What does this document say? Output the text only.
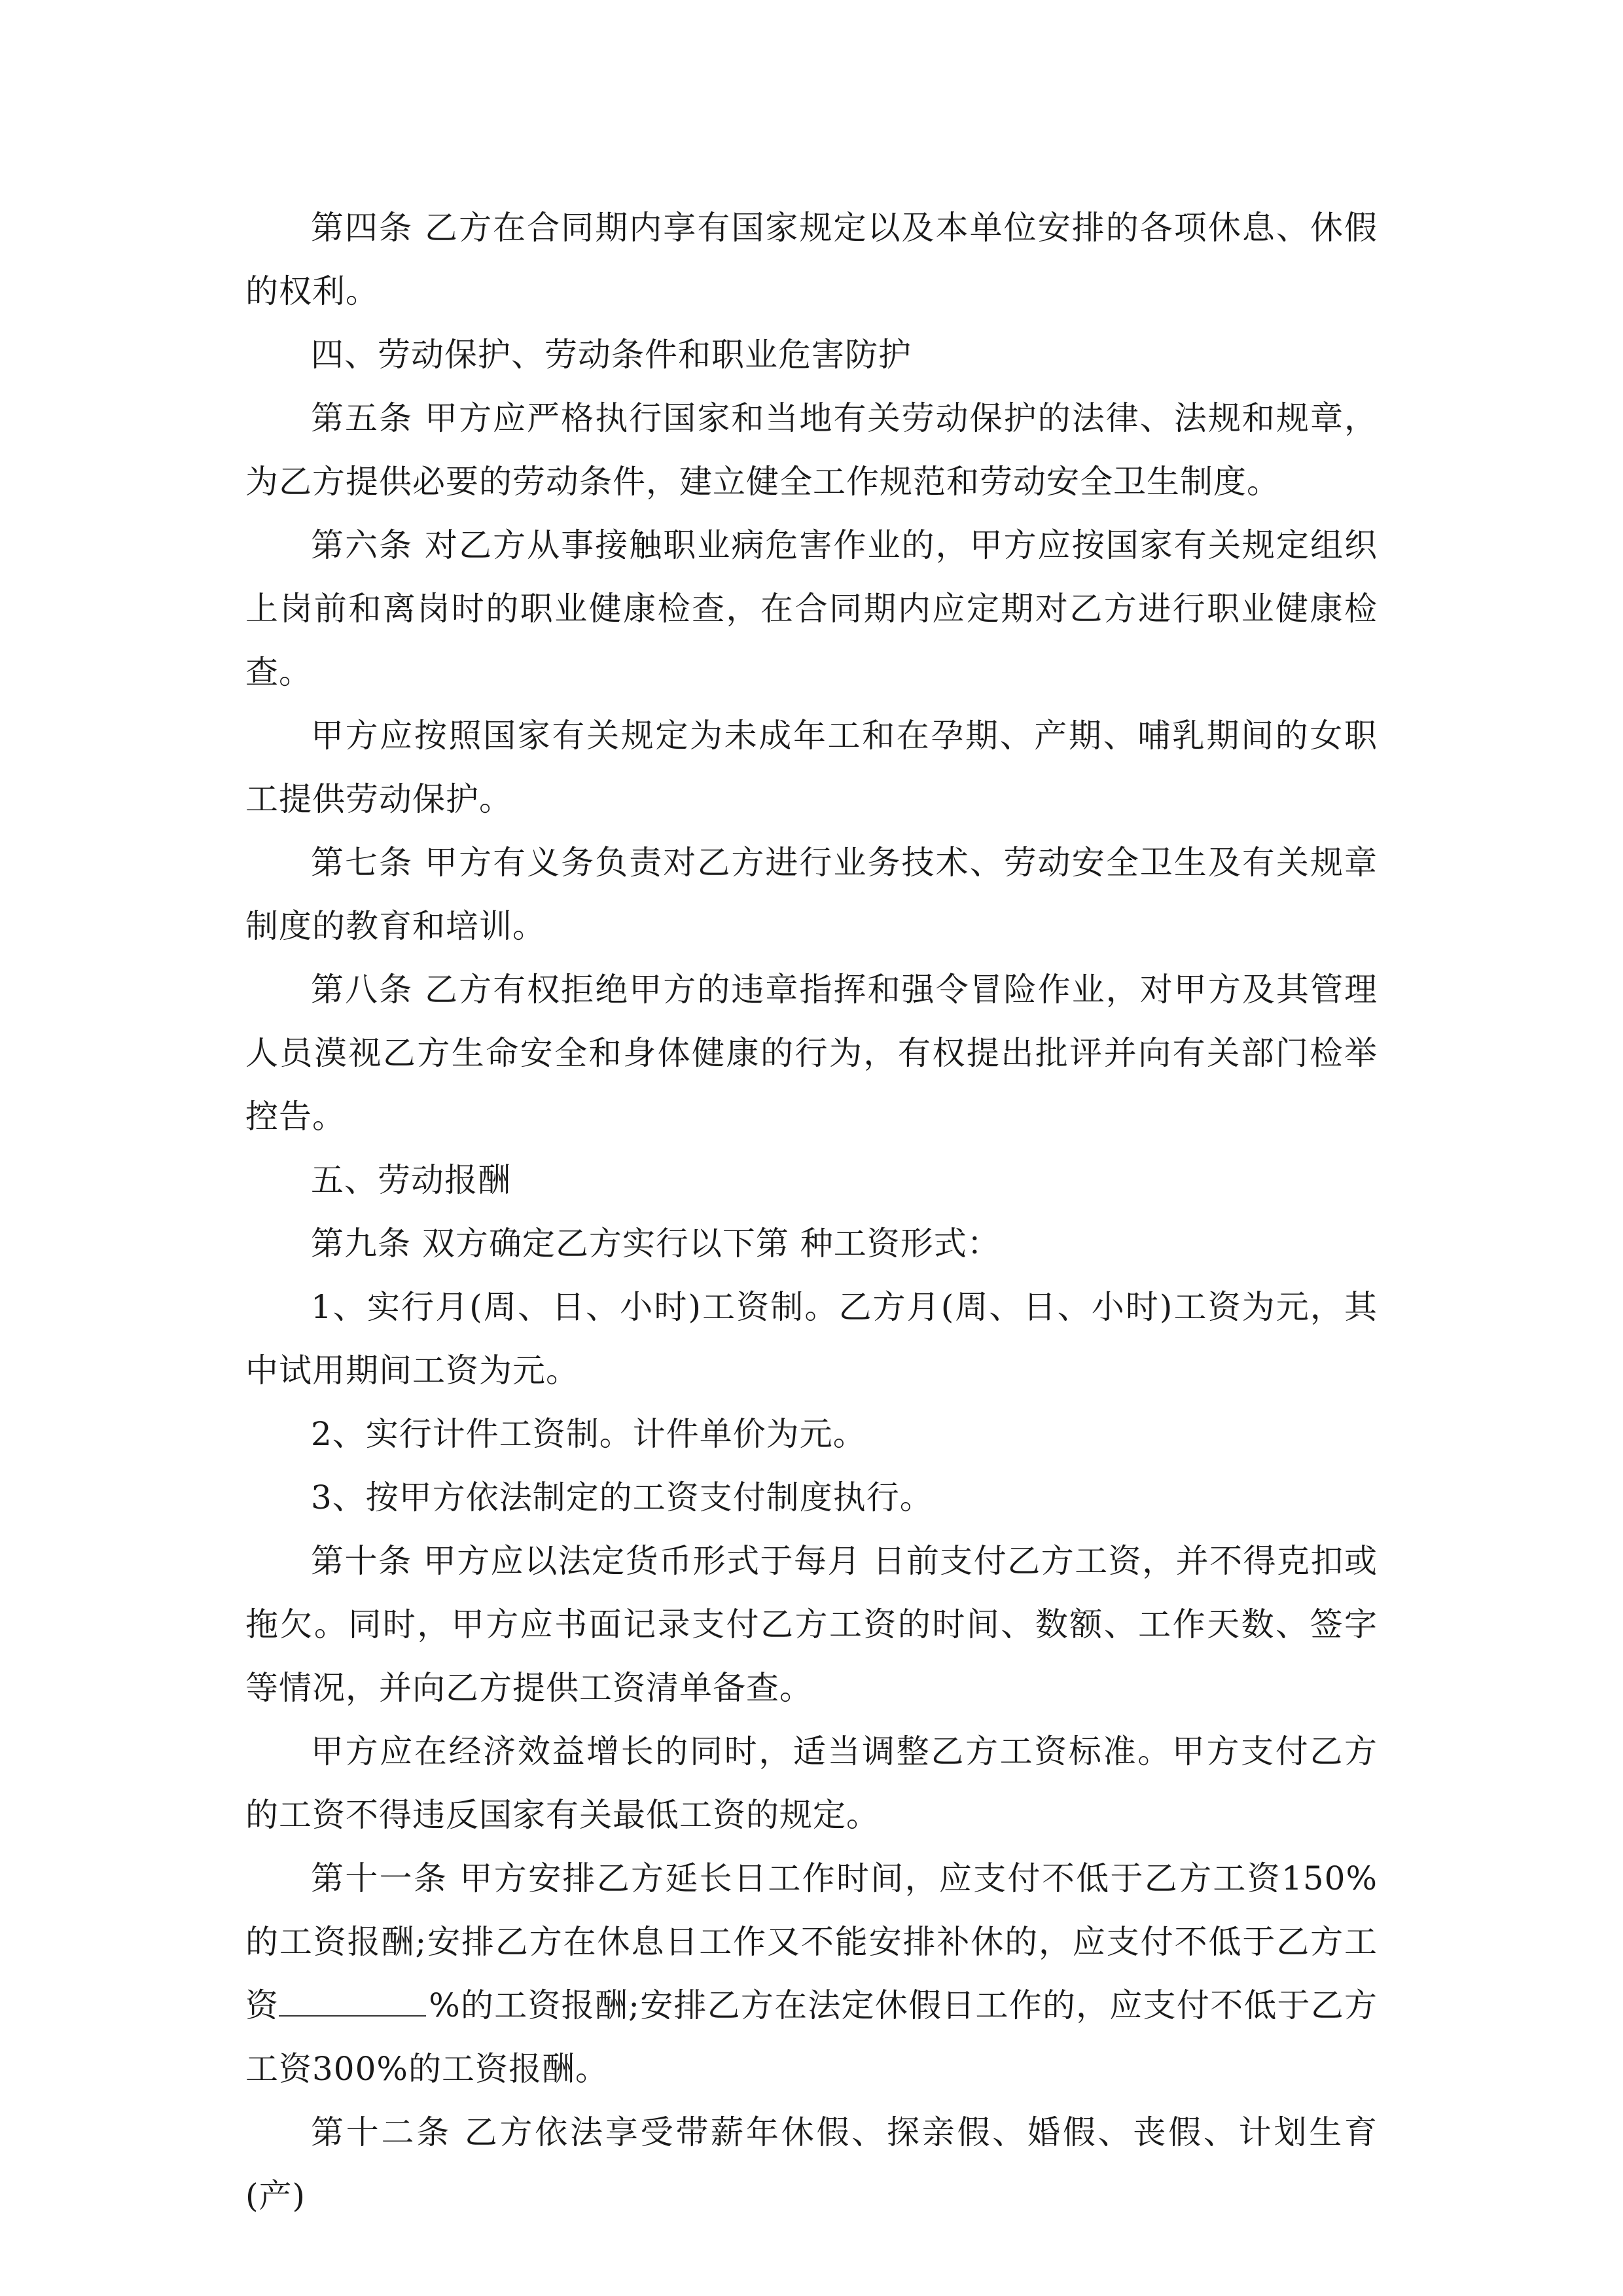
第四条 乙方在合同期内享有国家规定以及本单位安排的各项休息、休假的权利。

四、劳动保护、劳动条件和职业危害防护

第五条 甲方应严格执行国家和当地有关劳动保护的法律、法规和规章，为乙方提供必要的劳动条件，建立健全工作规范和劳动安全卫生制度。

第六条 对乙方从事接触职业病危害作业的，甲方应按国家有关规定组织上岗前和离岗时的职业健康检查，在合同期内应定期对乙方进行职业健康检查。

甲方应按照国家有关规定为未成年工和在孕期、产期、哺乳期间的女职工提供劳动保护。

第七条 甲方有义务负责对乙方进行业务技术、劳动安全卫生及有关规章制度的教育和培训。

第八条 乙方有权拒绝甲方的违章指挥和强令冒险作业，对甲方及其管理人员漠视乙方生命安全和身体健康的行为，有权提出批评并向有关部门检举控告。

五、劳动报酬

第九条 双方确定乙方实行以下第 种工资形式：

1、实行月(周、日、小时)工资制。乙方月(周、日、小时)工资为元，其中试用期间工资为元。

2、实行计件工资制。计件单价为元。

3、按甲方依法制定的工资支付制度执行。

第十条 甲方应以法定货币形式于每月 日前支付乙方工资，并不得克扣或拖欠。同时，甲方应书面记录支付乙方工资的时间、数额、工作天数、签字等情况，并向乙方提供工资清单备查。

甲方应在经济效益增长的同时，适当调整乙方工资标准。甲方支付乙方的工资不得违反国家有关最低工资的规定。

第十一条 甲方安排乙方延长日工作时间，应支付不低于乙方工资150%的工资报酬;安排乙方在休息日工作又不能安排补休的，应支付不低于乙方工资	%的工资报酬;安排乙方在法定休假日工作的，应支付不低于乙方工资300%的工资报酬。

第十二条 乙方依法享受带薪年休假、探亲假、婚假、丧假、计划生育(产)
